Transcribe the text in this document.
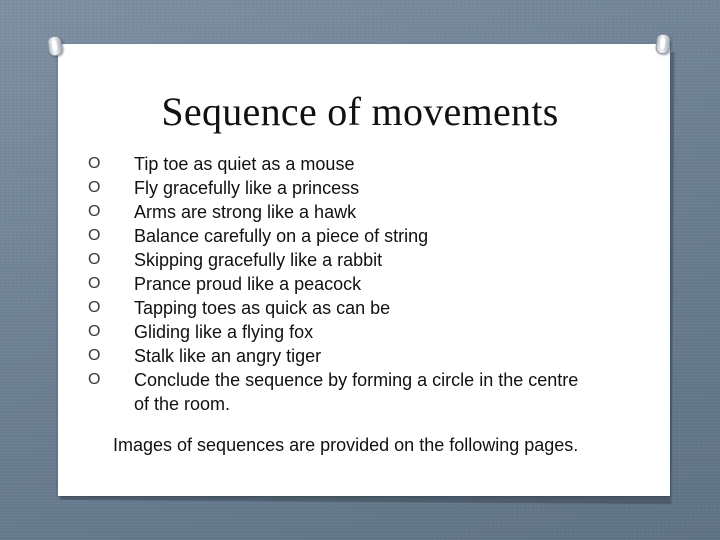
Sequence of movements
O Tip toe as quiet as a mouse
O Fly gracefully like a princess
O Arms are strong like a hawk
O Balance carefully on a piece of string
O Skipping gracefully like a rabbit
O Prance proud like a peacock
O Tapping toes as quick as can be
O Gliding like a flying fox
O Stalk like an angry tiger
O Conclude the sequence by forming a circle in the centre of the room.
Images of sequences are provided on the following pages.
